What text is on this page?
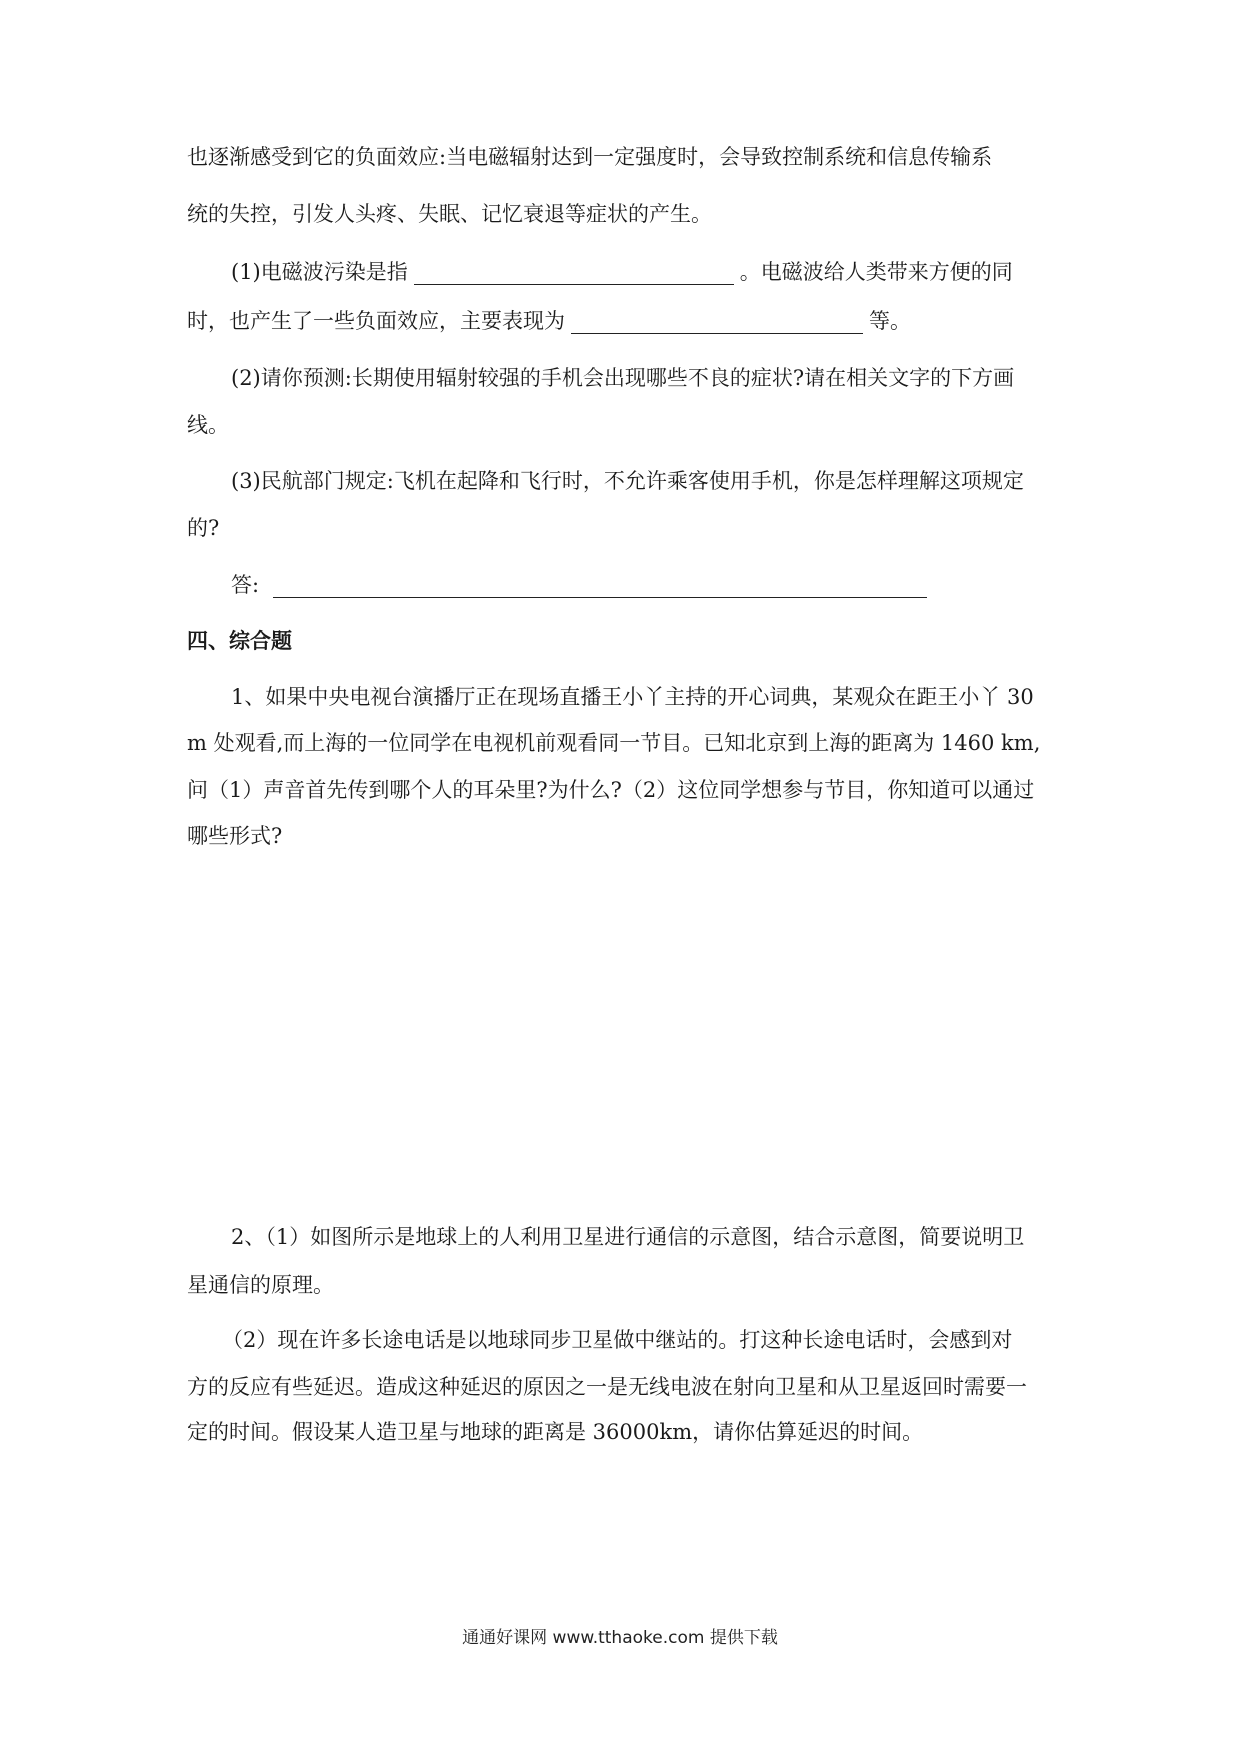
也逐渐感受到它的负面效应:当电磁辐射达到一定强度时，会导致控制系统和信息传输系
统的失控，引发人头疼、失眠、记忆衰退等症状的产生。
(1)电磁波污染是指	。电磁波给人类带来方便的同
时，也产生了一些负面效应，主要表现为	等。
(2)请你预测:长期使用辐射较强的手机会出现哪些不良的症状?请在相关文字的下方画
线。
(3)民航部门规定:飞机在起降和飞行时，不允许乘客使用手机，你是怎样理解这项规定
的?
答:
四、综合题
1、如果中央电视台演播厅正在现场直播王小丫主持的开心词典，某观众在距王小丫 30
m 处观看,而上海的一位同学在电视机前观看同一节目。已知北京到上海的距离为 1460 km,
问（1）声音首先传到哪个人的耳朵里?为什么?（2）这位同学想参与节目，你知道可以通过
哪些形式?
2、（1）如图所示是地球上的人利用卫星进行通信的示意图，结合示意图，简要说明卫
星通信的原理。
（2）现在许多长途电话是以地球同步卫星做中继站的。打这种长途电话时，会感到对
方的反应有些延迟。造成这种延迟的原因之一是无线电波在射向卫星和从卫星返回时需要一
定的时间。假设某人造卫星与地球的距离是 36000km，请你估算延迟的时间。
通通好课网 www.tthaoke.com 提供下载
